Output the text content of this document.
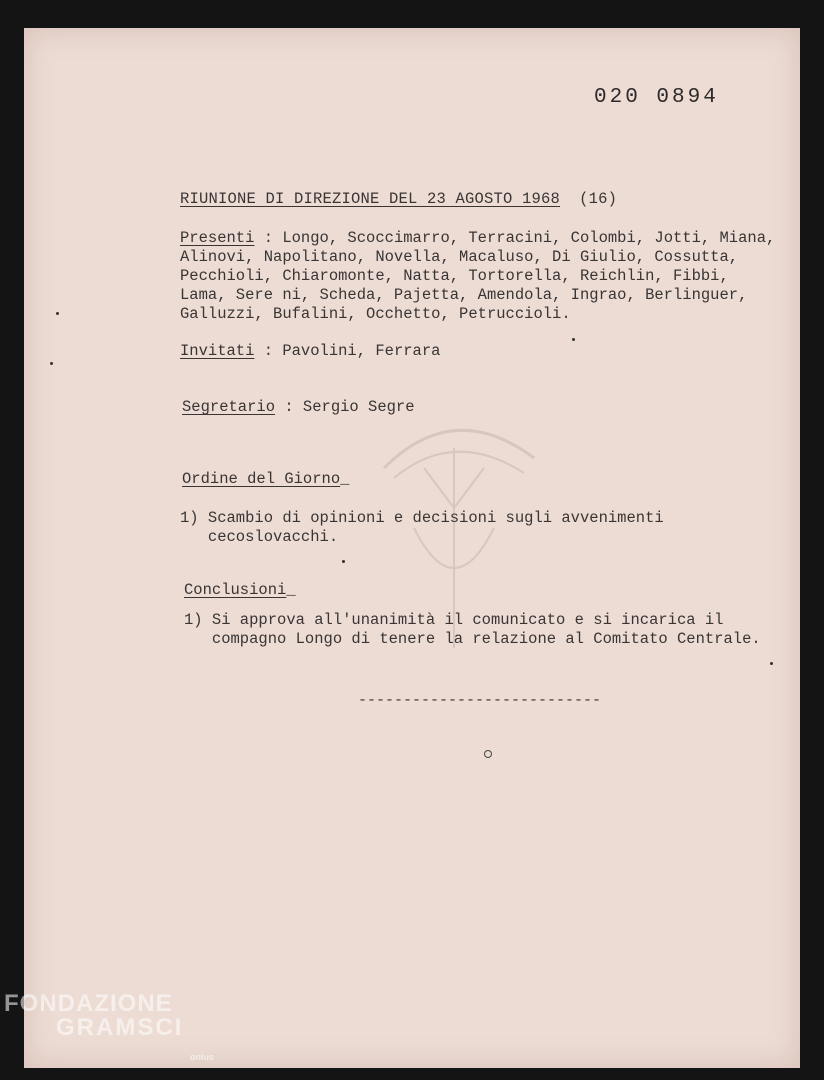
020 0894
RIUNIONE DI DIREZIONE DEL 23 AGOSTO 1968 (16)
Presenti : Longo, Scoccimarro, Terracini, Colombi, Jotti, Miana,
Alinovi, Napolitano, Novella, Macaluso, Di Giulio, Cossutta,
Pecchioli, Chiaromonte, Natta, Tortorella, Reichlin, Fibbi,
Lama, Sere ni, Scheda, Pajetta, Amendola, Ingrao, Berlinguer,
Galluzzi, Bufalini, Occhetto, Petruccioli.
Invitati : Pavolini, Ferrara
Segretario : Sergio Segre
Ordine del Giorno_
1) Scambio di opinioni e decisioni sugli avvenimenti
cecoslovacchi.
Conclusioni_
1) Si approva all'unanimità il comunicato e si incarica il
compagno Longo di tenere la relazione al Comitato Centrale.
---------------------------
FONDAZIONE
GRAMSCI
onlus
